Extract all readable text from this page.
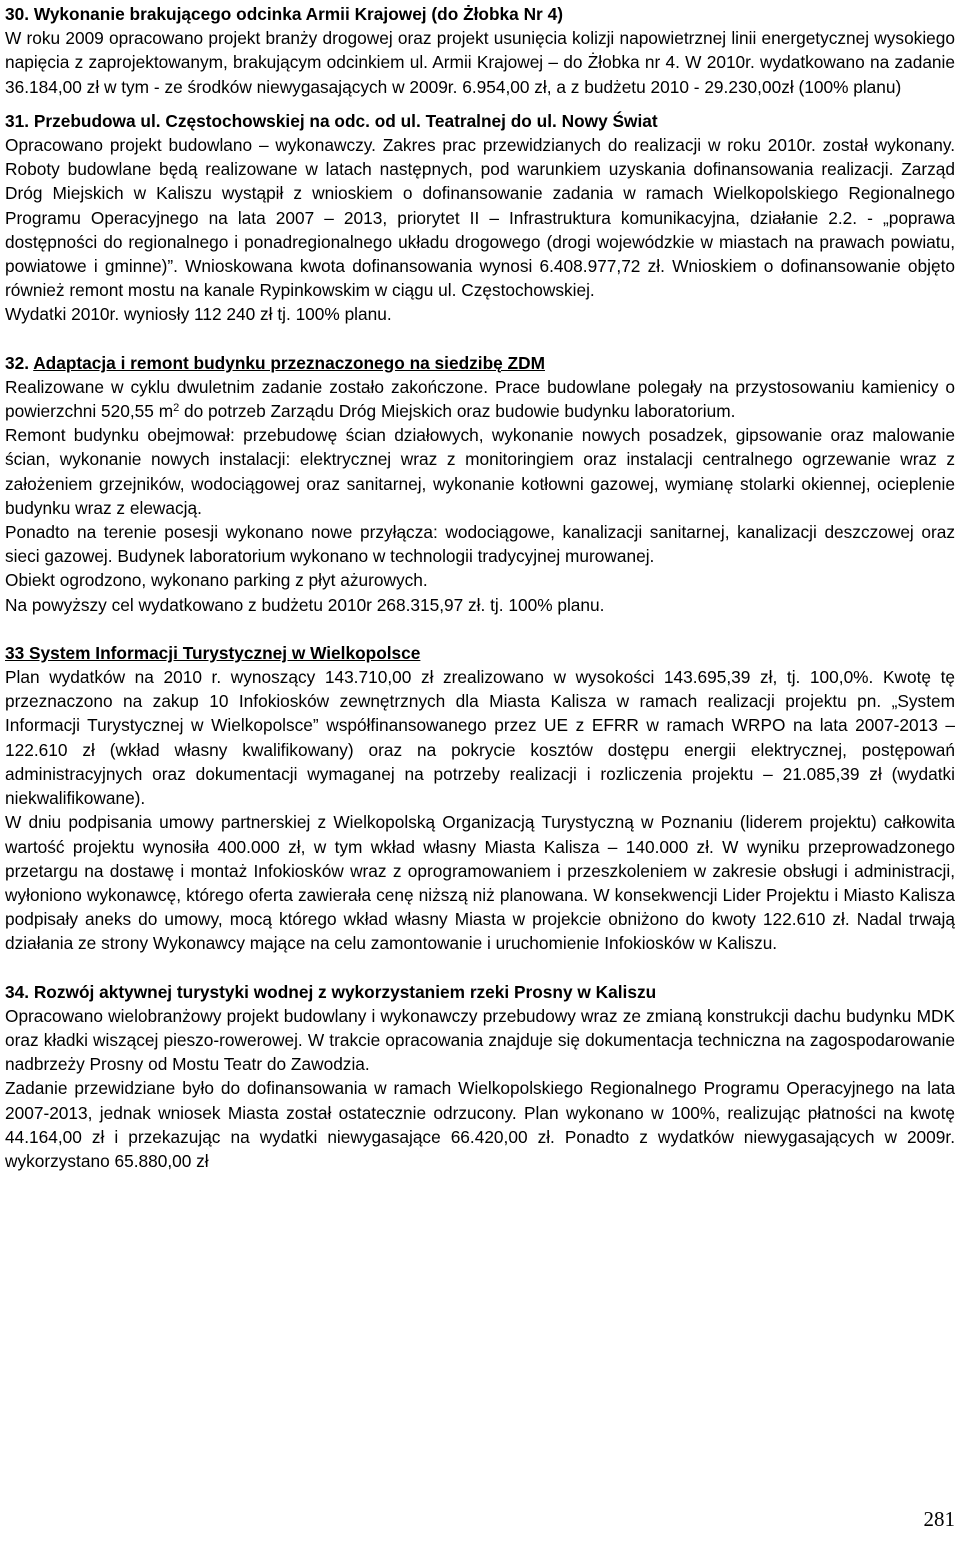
30. Wykonanie brakującego odcinka Armii Krajowej (do Żłobka Nr 4)

W roku 2009 opracowano projekt branży drogowej oraz projekt usunięcia kolizji napowietrznej linii energetycznej wysokiego napięcia z zaprojektowanym, brakującym odcinkiem ul. Armii Krajowej – do Żłobka nr 4. W 2010r. wydatkowano na zadanie 36.184,00 zł w tym - ze środków niewygasających w 2009r. 6.954,00 zł, a z budżetu 2010 - 29.230,00zł (100% planu)

31. Przebudowa ul. Częstochowskiej na odc. od ul. Teatralnej do ul. Nowy Świat

Opracowano projekt budowlano – wykonawczy. Zakres prac przewidzianych do realizacji w roku 2010r. został wykonany. Roboty budowlane będą realizowane w latach następnych, pod warunkiem uzyskania dofinansowania realizacji. Zarząd Dróg Miejskich w Kaliszu wystąpił z wnioskiem o dofinansowanie zadania w ramach Wielkopolskiego Regionalnego Programu Operacyjnego na lata 2007 – 2013, priorytet II – Infrastruktura komunikacyjna, działanie 2.2. - „poprawa dostępności do regionalnego i ponadregionalnego układu drogowego (drogi wojewódzkie w miastach na prawach powiatu, powiatowe i gminne)”. Wnioskowana kwota dofinansowania wynosi 6.408.977,72 zł. Wnioskiem o dofinansowanie objęto również remont mostu na kanale Rypinkowskim w ciągu ul. Częstochowskiej.

Wydatki 2010r. wyniosły 112 240 zł tj. 100% planu.

32. Adaptacja i remont budynku przeznaczonego na siedzibę ZDM

Realizowane w cyklu dwuletnim zadanie zostało zakończone. Prace budowlane polegały na przystosowaniu kamienicy o powierzchni 520,55 $m^2$ do potrzeb Zarządu Dróg Miejskich oraz budowie budynku laboratorium.

Remont budynku obejmował: przebudowę ścian działowych, wykonanie nowych posadzek, gipsowanie oraz malowanie ścian, wykonanie nowych instalacji: elektrycznej wraz z monitoringiem oraz instalacji centralnego ogrzewanie wraz z założeniem grzejników, wodociągowej oraz sanitarnej, wykonanie kotłowni gazowej, wymianę stolarki okiennej, ocieplenie budynku wraz z elewacją.

Ponadto na terenie posesji wykonano nowe przyłącza: wodociągowe, kanalizacji sanitarnej, kanalizacji deszczowej oraz sieci gazowej. Budynek laboratorium wykonano w technologii tradycyjnej murowanej.

Obiekt ogrodzono, wykonano parking z płyt ażurowych.

Na powyższy cel wydatkowano z budżetu 2010r 268.315,97 zł. tj. 100% planu.

33 System Informacji Turystycznej w Wielkopolsce

Plan wydatków na 2010 r. wynoszący 143.710,00 zł zrealizowano w wysokości 143.695,39 zł, tj. 100,0%. Kwotę tę przeznaczono na zakup 10 Infokiosków zewnętrznych dla Miasta Kalisza w ramach realizacji projektu pn. „System Informacji Turystycznej w Wielkopolsce” współfinansowanego przez UE z EFRR w ramach WRPO na lata 2007-2013 – 122.610 zł (wkład własny kwalifikowany) oraz na pokrycie kosztów dostępu energii elektrycznej, postępowań administracyjnych oraz dokumentacji wymaganej na potrzeby realizacji i rozliczenia projektu – 21.085,39 zł (wydatki niekwalifikowane).

W dniu podpisania umowy partnerskiej z Wielkopolską Organizacją Turystyczną w Poznaniu (liderem projektu) całkowita wartość projektu wynosiła 400.000 zł, w tym wkład własny Miasta Kalisza – 140.000 zł. W wyniku przeprowadzonego przetargu na dostawę i montaż Infokiosków wraz z oprogramowaniem i przeszkoleniem w zakresie obsługi i administracji, wyłoniono wykonawcę, którego oferta zawierała cenę niższą niż planowana. W konsekwencji Lider Projektu i Miasto Kalisza podpisały aneks do umowy, mocą którego wkład własny Miasta w projekcie obniżono do kwoty 122.610 zł. Nadal trwają działania ze strony Wykonawcy mające na celu zamontowanie i uruchomienie Infokiosków w Kaliszu.

34. Rozwój aktywnej turystyki wodnej z wykorzystaniem rzeki Prosny w Kaliszu

Opracowano wielobranżowy projekt budowlany i wykonawczy przebudowy wraz ze zmianą konstrukcji dachu budynku MDK oraz kładki wiszącej pieszo-rowerowej. W trakcie opracowania znajduje się dokumentacja techniczna na zagospodarowanie nadbrzeży Prosny od Mostu Teatr do Zawodzia.

Zadanie przewidziane było do dofinansowania w ramach Wielkopolskiego Regionalnego Programu Operacyjnego na lata 2007-2013, jednak wniosek Miasta został ostatecznie odrzucony. Plan wykonano w 100%, realizując płatności na kwotę 44.164,00 zł i przekazując na wydatki niewygasające 66.420,00 zł. Ponadto z wydatków niewygasających w 2009r. wykorzystano 65.880,00 zł

281
